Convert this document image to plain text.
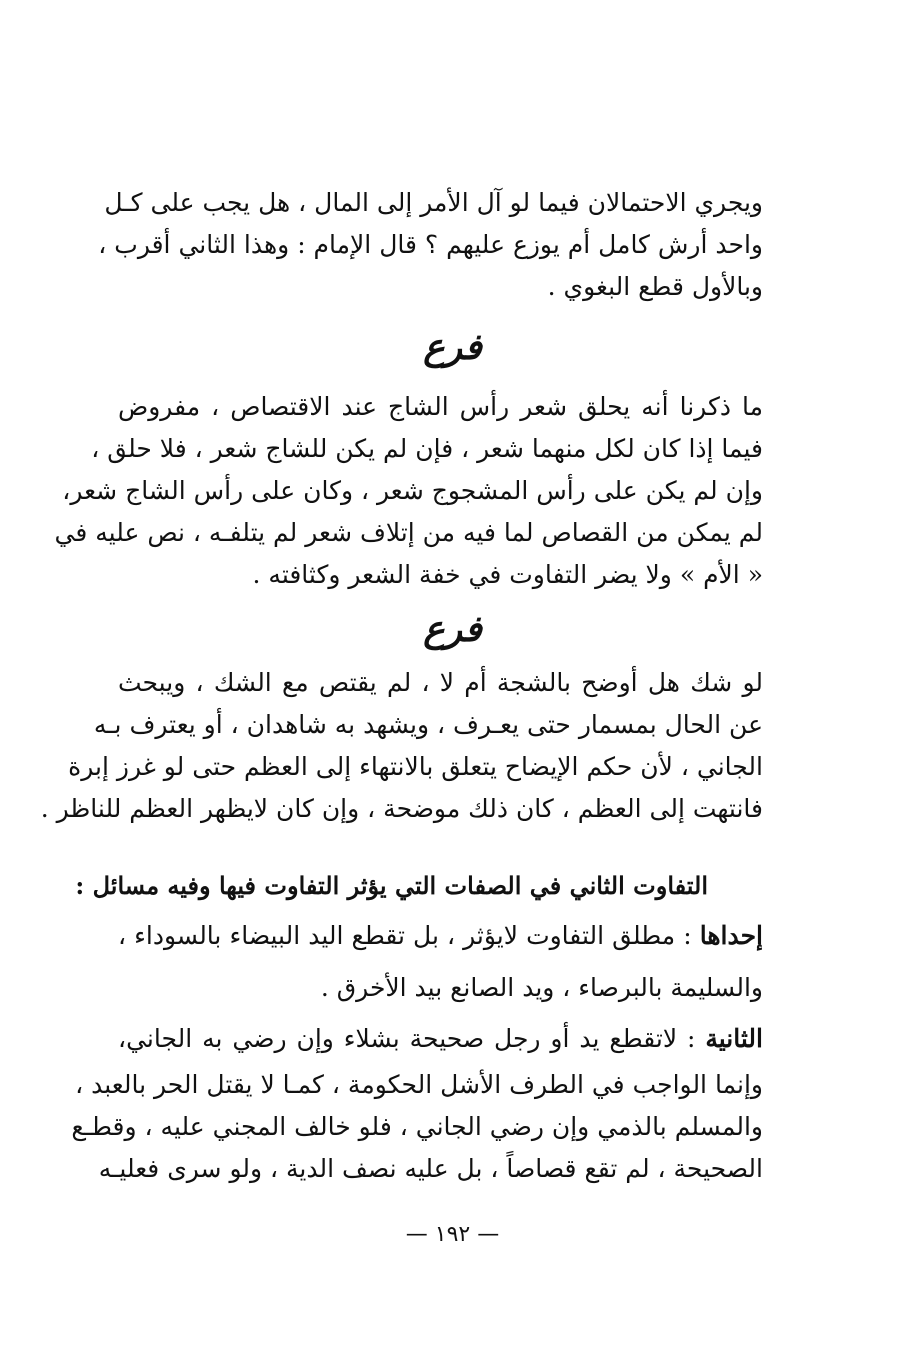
ويجري الاحتمالان فيما لو آل الأمر إلى المال ، هل يجب على كـل
واحد أرش كامل أم يوزع عليهم ؟ قال الإمام : وهذا الثاني أقرب ،
وبالأول قطع البغوي .
فرع
ما ذكرنا أنه يحلق شعر رأس الشاج عند الاقتصاص ، مفروض
فيما إذا كان لكل منهما شعر ، فإن لم يكن للشاج شعر ، فلا حلق ،
وإن لم يكن على رأس المشجوج شعر ، وكان على رأس الشاج شعر،
لم يمكن من القصاص لما فيه من إتلاف شعر لم يتلفـه ، نص عليه في
« الأم » ولا يضر التفاوت في خفة الشعر وكثافته .
فرع
لو شك هل أوضح بالشجة أم لا ، لم يقتص مع الشك ، ويبحث
عن الحال بمسمار حتى يعـرف ، ويشهد به شاهدان ، أو يعترف بـه
الجاني ، لأن حكم الإيضاح يتعلق بالانتهاء إلى العظم حتى لو غرز إبرة
فانتهت إلى العظم ، كان ذلك موضحة ، وإن كان لايظهر العظم للناظر .
التفاوت الثاني في الصفات التي يؤثر التفاوت فيها وفيه مسائل :
إحداها : مطلق التفاوت لايؤثر ، بل تقطع اليد البيضاء بالسوداء ،
والسليمة بالبرصاء ، ويد الصانع بيد الأخرق .
الثانية : لاتقطع يد أو رجل صحيحة بشلاء وإن رضي به الجاني،
وإنما الواجب في الطرف الأشل الحكومة ، كمـا لا يقتل الحر بالعبد ،
والمسلم بالذمي وإن رضي الجاني ، فلو خالف المجني عليه ، وقطـع
الصحيحة ، لم تقع قصاصاً ، بل عليه نصف الدية ، ولو سرى فعليـه
— ١٩٢ —
